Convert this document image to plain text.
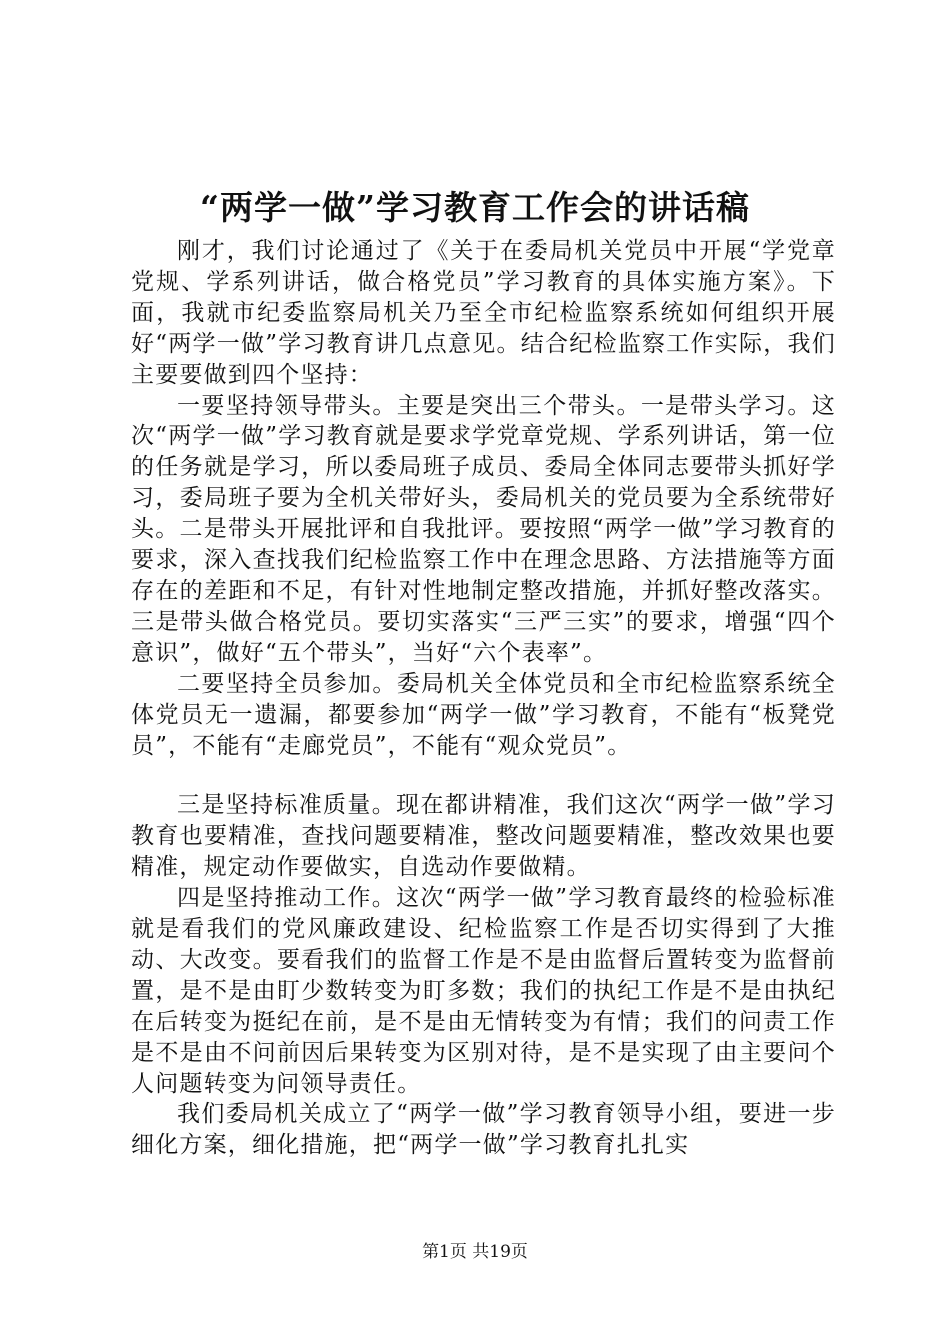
“两学一做”学习教育工作会的讲话稿

刚才，我们讨论通过了《关于在委局机关党员中开展“学党章党规、学系列讲话，做合格党员”学习教育的具体实施方案》。下面，我就市纪委监察局机关乃至全市纪检监察系统如何组织开展好“两学一做”学习教育讲几点意见。结合纪检监察工作实际，我们主要要做到四个坚持：

一要坚持领导带头。主要是突出三个带头。一是带头学习。这次“两学一做”学习教育就是要求学党章党规、学系列讲话，第一位的任务就是学习，所以委局班子成员、委局全体同志要带头抓好学习，委局班子要为全机关带好头，委局机关的党员要为全系统带好头。二是带头开展批评和自我批评。要按照“两学一做”学习教育的要求，深入查找我们纪检监察工作中在理念思路、方法措施等方面存在的差距和不足，有针对性地制定整改措施，并抓好整改落实。三是带头做合格党员。要切实落实“三严三实”的要求，增强“四个意识”，做好“五个带头”，当好“六个表率”。

二要坚持全员参加。委局机关全体党员和全市纪检监察系统全体党员无一遗漏，都要参加“两学一做”学习教育，不能有“板凳党员”，不能有“走廊党员”，不能有“观众党员”。

三是坚持标准质量。现在都讲精准，我们这次“两学一做”学习教育也要精准，查找问题要精准，整改问题要精准，整改效果也要精准，规定动作要做实，自选动作要做精。

四是坚持推动工作。这次“两学一做”学习教育最终的检验标准就是看我们的党风廉政建设、纪检监察工作是否切实得到了大推动、大改变。要看我们的监督工作是不是由监督后置转变为监督前置，是不是由盯少数转变为盯多数；我们的执纪工作是不是由执纪在后转变为挺纪在前，是不是由无情转变为有情；我们的问责工作是不是由不问前因后果转变为区别对待，是不是实现了由主要问个人问题转变为问领导责任。

我们委局机关成立了“两学一做”学习教育领导小组，要进一步细化方案，细化措施，把“两学一做”学习教育扎扎实

第1页 共19页
